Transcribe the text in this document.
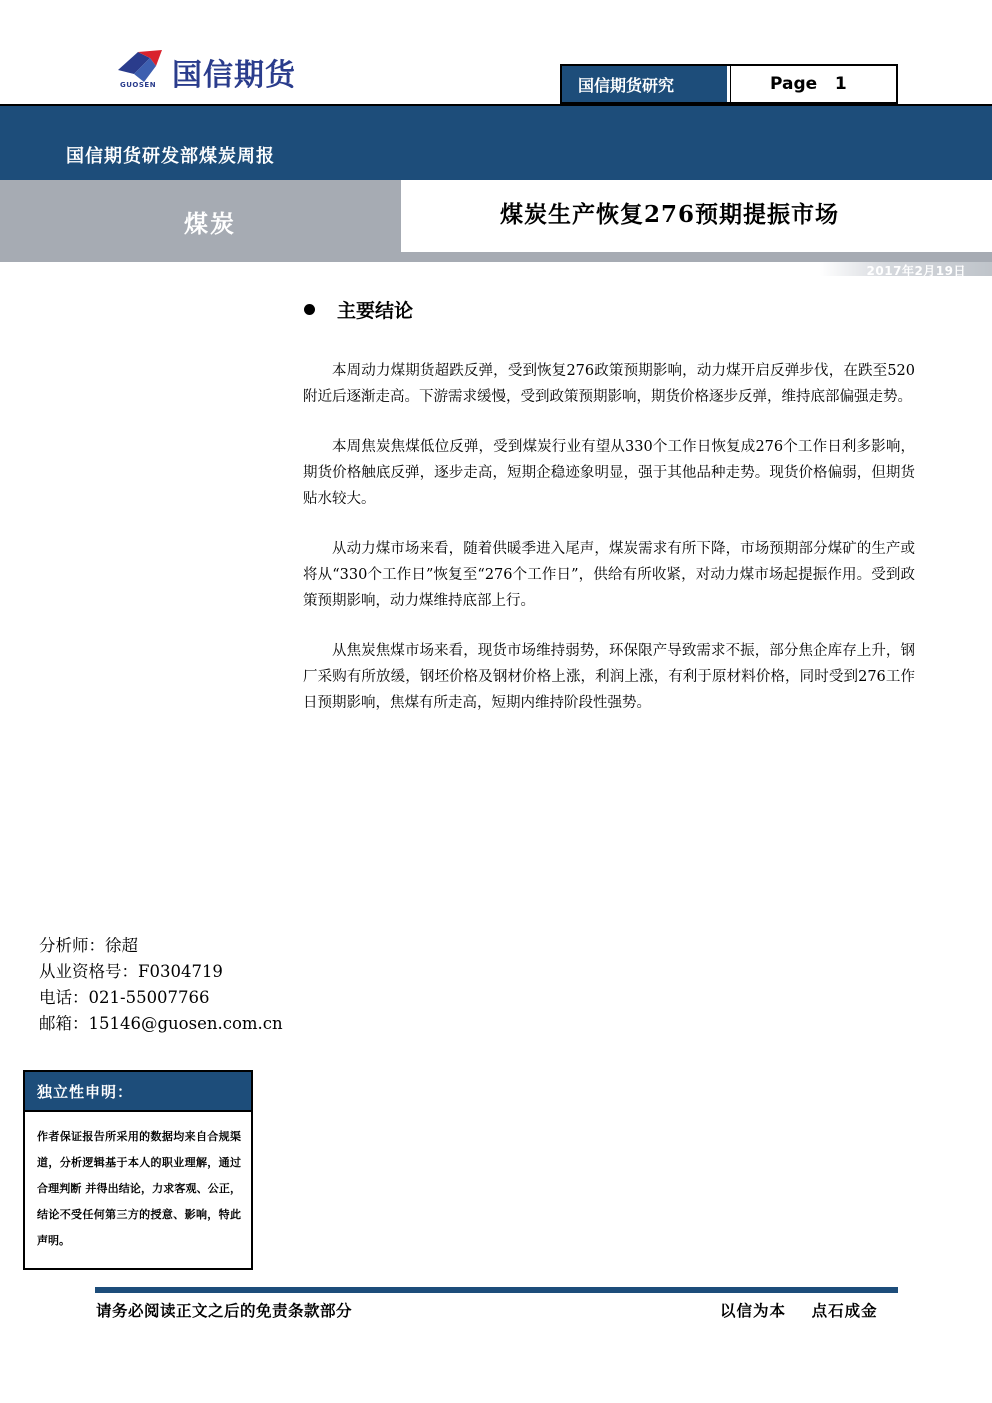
国信期货
GUOSEN	国信期货研究	Page   1
国信期货研发部煤炭周报
煤炭	煤炭生产恢复276预期提振市场
2017年2月19日
主要结论

本周动力煤期货超跌反弹，受到恢复276政策预期影响，动力煤开启反弹步伐，在跌至520附近后逐渐走高。下游需求缓慢，受到政策预期影响，期货价格逐步反弹，维持底部偏强走势。

本周焦炭焦煤低位反弹，受到煤炭行业有望从330个工作日恢复成276个工作日利多影响，期货价格触底反弹，逐步走高，短期企稳迹象明显，强于其他品种走势。现货价格偏弱，但期货贴水较大。

从动力煤市场来看，随着供暖季进入尾声，煤炭需求有所下降，市场预期部分煤矿的生产或将从“330个工作日”恢复至“276个工作日”，供给有所收紧，对动力煤市场起提振作用。受到政策预期影响，动力煤维持底部上行。

从焦炭焦煤市场来看，现货市场维持弱势，环保限产导致需求不振，部分焦企库存上升，钢厂采购有所放缓，钢坯价格及钢材价格上涨，利润上涨，有利于原材料价格，同时受到276工作日预期影响，焦煤有所走高，短期内维持阶段性强势。

分析师：徐超
从业资格号：F0304719
电话：021-55007766
邮箱：15146@guosen.com.cn
独立性申明：
作者保证报告所采用的数据均来自合规渠道，分析逻辑基于本人的职业理解，通过合理判断 并得出结论，力求客观、公正，结论不受任何第三方的授意、影响，特此声明。
请务必阅读正文之后的免责条款部分	以信为本    点石成金
